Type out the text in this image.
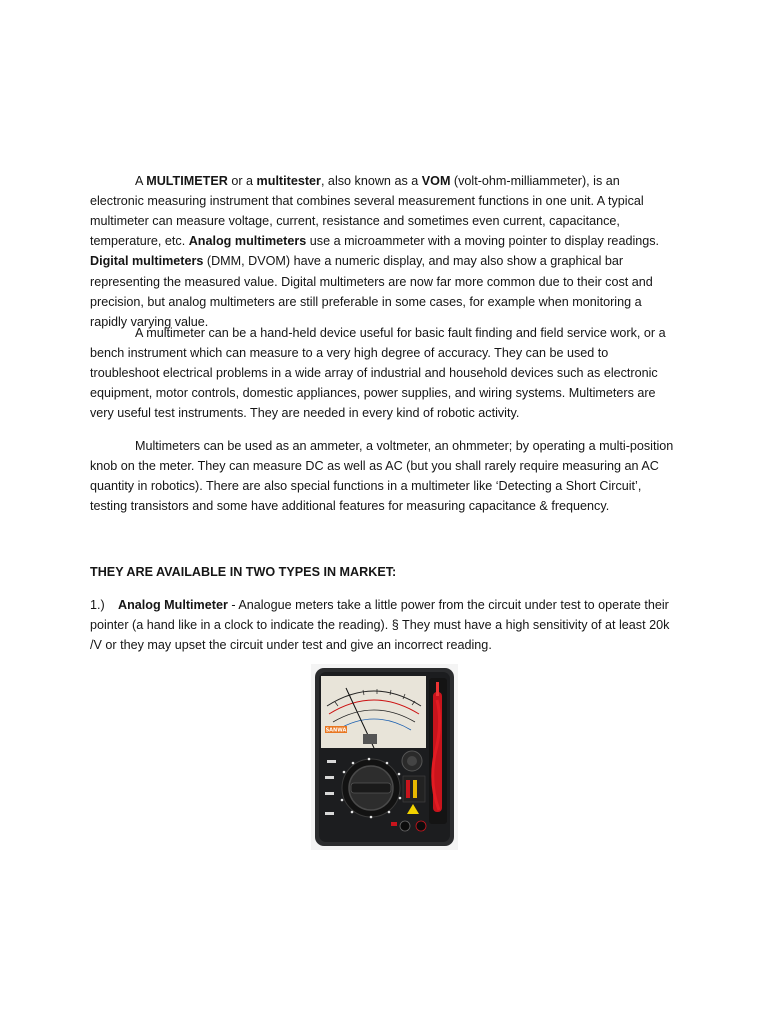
A MULTIMETER or a multitester, also known as a VOM (volt-ohm-milliammeter), is an electronic measuring instrument that combines several measurement functions in one unit. A typical multimeter can measure voltage, current, resistance and sometimes even current, capacitance, temperature, etc. Analog multimeters use a microammeter with a moving pointer to display readings. Digital multimeters (DMM, DVOM) have a numeric display, and may also show a graphical bar representing the measured value. Digital multimeters are now far more common due to their cost and precision, but analog multimeters are still preferable in some cases, for example when monitoring a rapidly varying value.

A multimeter can be a hand-held device useful for basic fault finding and field service work, or a bench instrument which can measure to a very high degree of accuracy. They can be used to troubleshoot electrical problems in a wide array of industrial and household devices such as electronic equipment, motor controls, domestic appliances, power supplies, and wiring systems. Multimeters are very useful test instruments. They are needed in every kind of robotic activity.

Multimeters can be used as an ammeter, a voltmeter, an ohmmeter; by operating a multi-position knob on the meter. They can measure DC as well as AC (but you shall rarely require measuring an AC quantity in robotics). There are also special functions in a multimeter like ‘Detecting a Short Circuit’, testing transistors and some have additional features for measuring capacitance & frequency.

THEY ARE AVAILABLE IN TWO TYPES IN MARKET:

1.) Analog Multimeter - Analogue meters take a little power from the circuit under test to operate their pointer (a hand like in a clock to indicate the reading). § They must have a high sensitivity of at least 20k /V or they may upset the circuit under test and give an incorrect reading.

SANWA
